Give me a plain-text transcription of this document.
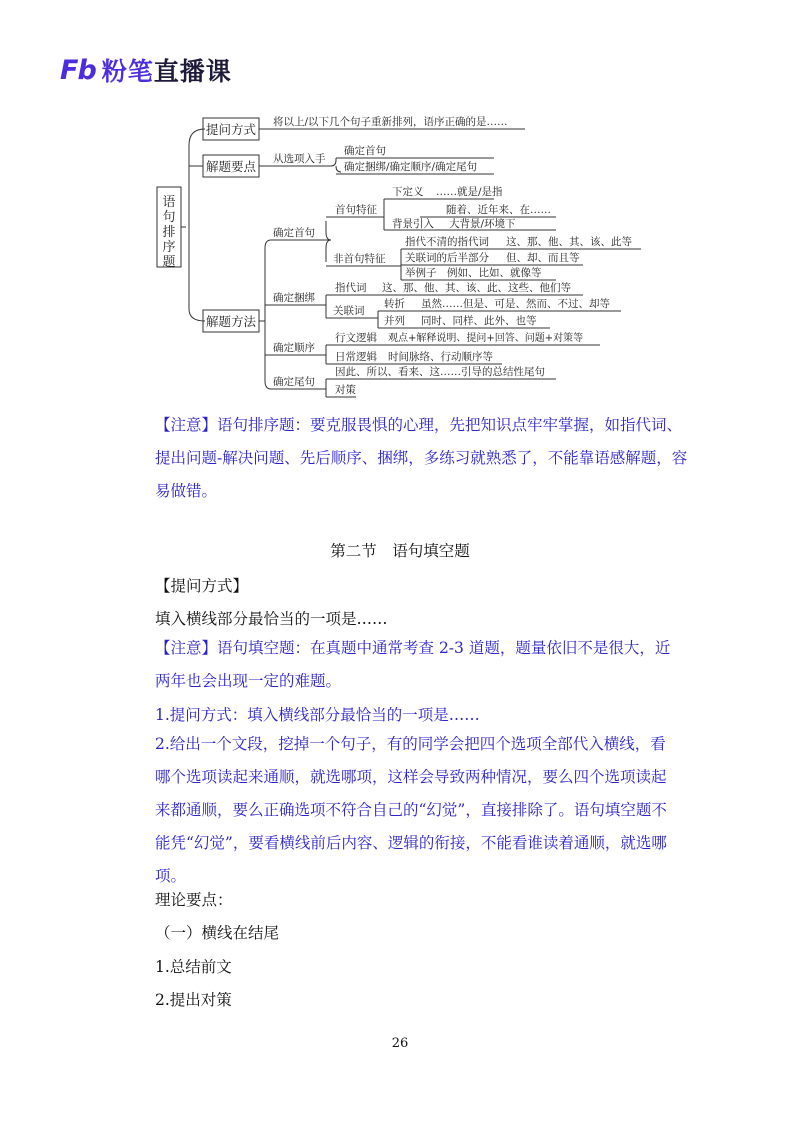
Fb 粉笔直播课
语句排序题
提问方式
解题要点
解题方法
将以上/以下几个句子重新排列，语序正确的是……
从选项入手
确定首句
确定捆绑/确定顺序/确定尾句
确定首句
首句特征
下定义 ……就是/是指
随着、近年来、在……
背景引入 大背景/环境下
非首句特征
指代不清的指代词 这、那、他、其、该、此等
关联词的后半部分 但、却、而且等
举例子 例如、比如、就像等
确定捆绑
指代词 这、那、他、其、该、此、这些、他们等
关联词
转折 虽然……但是、可是、然而、不过、却等
并列 同时、同样、此外、也等
确定顺序
行文逻辑 观点+解释说明、提问+回答、问题+对策等
日常逻辑 时间脉络、行动顺序等
确定尾句
因此、所以、看来、这……引导的总结性尾句
对策

【注意】语句排序题：要克服畏惧的心理，先把知识点牢牢掌握，如指代词、提出问题-解决问题、先后顺序、捆绑，多练习就熟悉了，不能靠语感解题，容易做错。

第二节　语句填空题
【提问方式】
填入横线部分最恰当的一项是……

【注意】语句填空题：在真题中通常考查 2-3 道题，题量依旧不是很大，近两年也会出现一定的难题。

1.提问方式：填入横线部分最恰当的一项是……

2.给出一个文段，挖掉一个句子，有的同学会把四个选项全部代入横线，看哪个选项读起来通顺，就选哪项，这样会导致两种情况，要么四个选项读起来都通顺，要么正确选项不符合自己的“幻觉”，直接排除了。语句填空题不能凭“幻觉”，要看横线前后内容、逻辑的衔接，不能看谁读着通顺，就选哪项。

理论要点：
（一）横线在结尾
1.总结前文
2.提出对策
26
